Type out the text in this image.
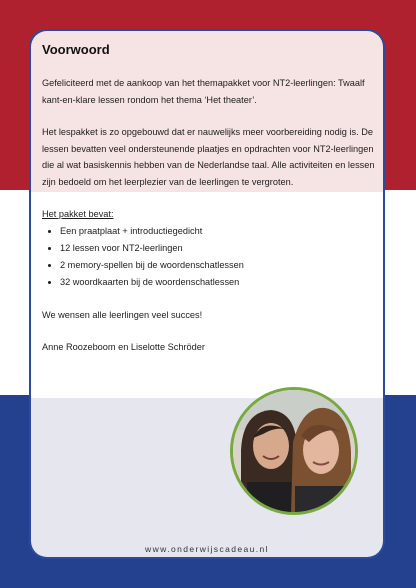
Voorwoord

Gefeliciteerd met de aankoop van het themapakket voor NT2-leerlingen: Twaalf kant-en-klare lessen rondom het thema ‘Het theater’.

Het lespakket is zo opgebouwd dat er nauwelijks meer voorbereiding nodig is. De lessen bevatten veel ondersteunende plaatjes en opdrachten voor NT2-leerlingen die al wat basiskennis hebben van de Nederlandse taal. Alle activiteiten en lessen zijn bedoeld om het leerplezier van de leerlingen te vergroten.

Het pakket bevat:

• Een praatplaat + introductiegedicht
• 12 lessen voor NT2-leerlingen
• 2 memory-spellen bij de woordenschatlessen
• 32 woordkaarten bij de woordenschatlessen

We wensen alle leerlingen veel succes!

Anne Roozeboom en Liselotte Schröder

www.onderwijscadeau.nl
